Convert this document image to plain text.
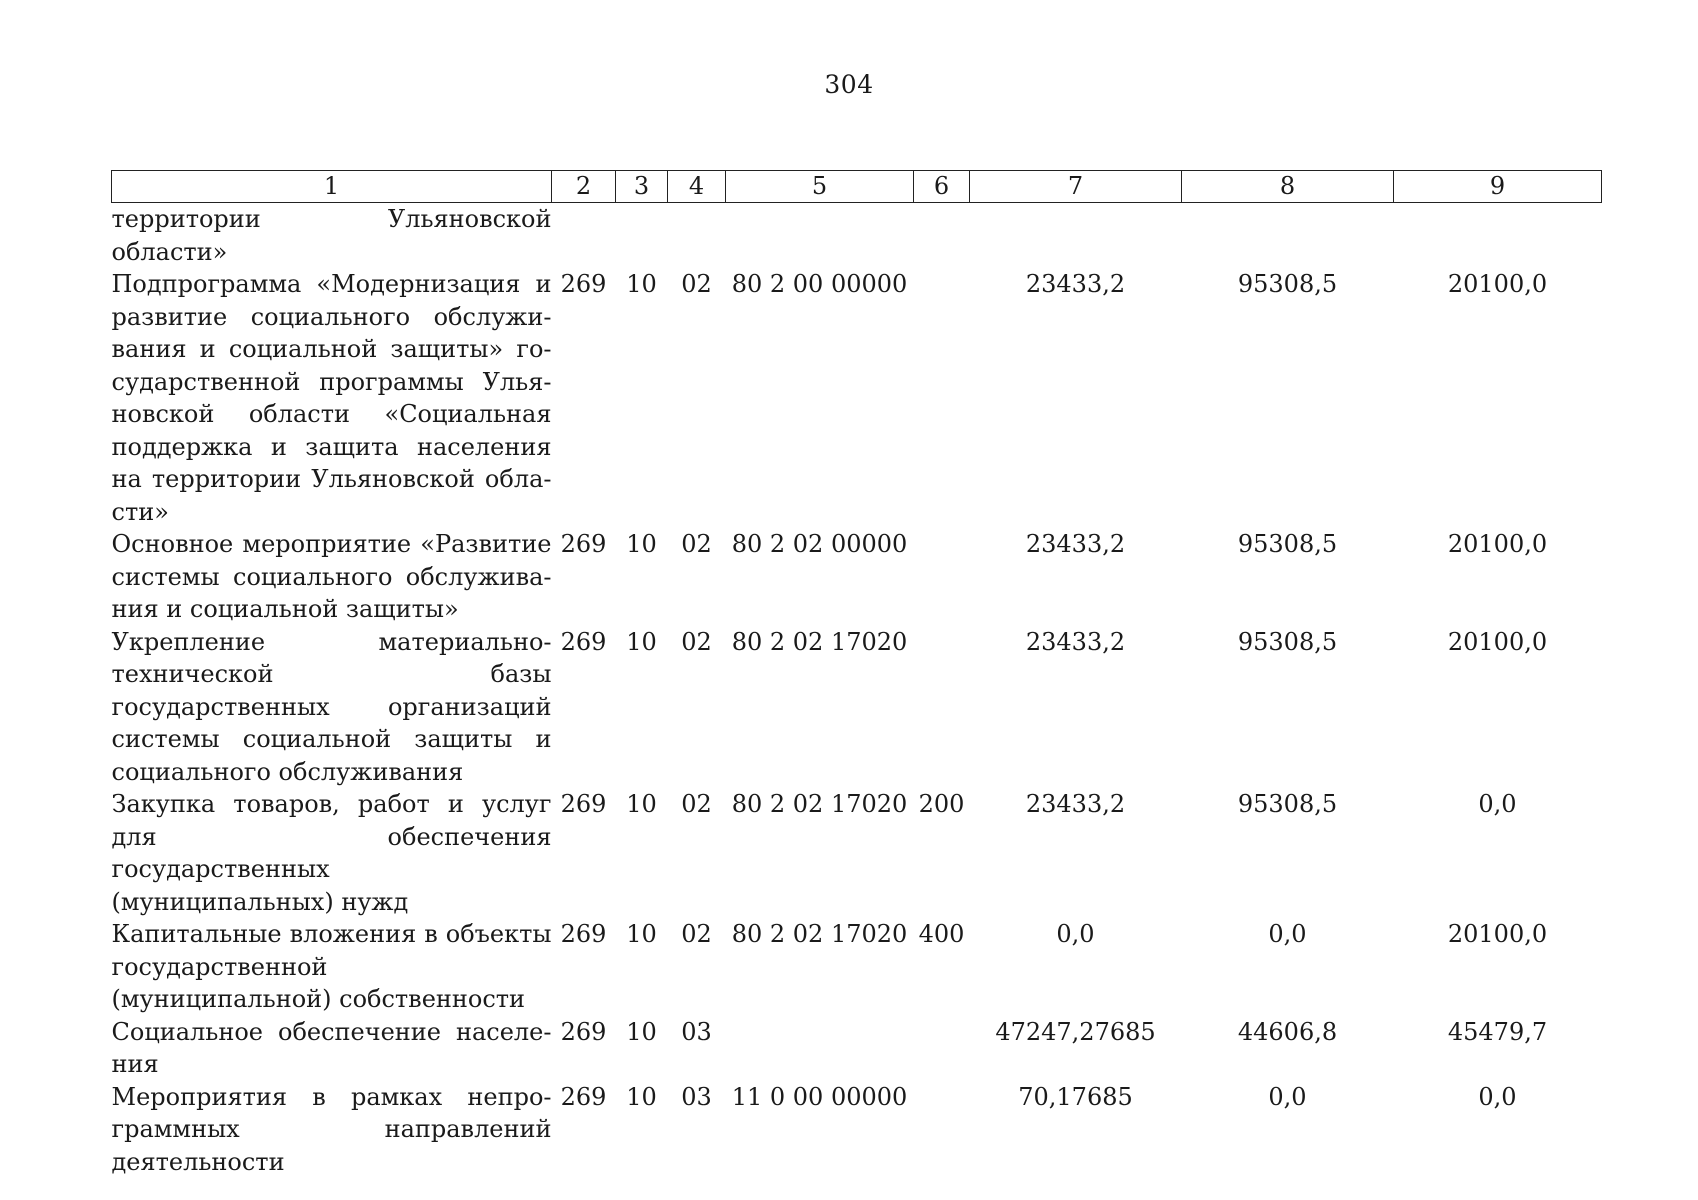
304
1	2	3	4	5	6	7	8	9
территории Ульяновской области»								
Подпрограмма «Модернизация и развитие социального обслуживания и социальной защиты» государственной программы Ульяновской области «Социальная поддержка и защита населения на территории Ульяновской области»	269	10	02	80 2 00 00000		23433,2	95308,5	20100,0
Основное мероприятие «Развитие системы социального обслуживания и социальной защиты»	269	10	02	80 2 02 00000		23433,2	95308,5	20100,0
Укрепление материально-технической базы государственных организаций системы социальной защиты и социального обслуживания	269	10	02	80 2 02 17020		23433,2	95308,5	20100,0
Закупка товаров, работ и услуг для обеспечения государственных (муниципальных) нужд	269	10	02	80 2 02 17020	200	23433,2	95308,5	0,0
Капитальные вложения в объекты государственной (муниципальной) собственности	269	10	02	80 2 02 17020	400	0,0	0,0	20100,0
Социальное обеспечение населения	269	10	03			47247,27685	44606,8	45479,7
Мероприятия в рамках непрограммных направлений деятельности	269	10	03	11 0 00 00000		70,17685	0,0	0,0
